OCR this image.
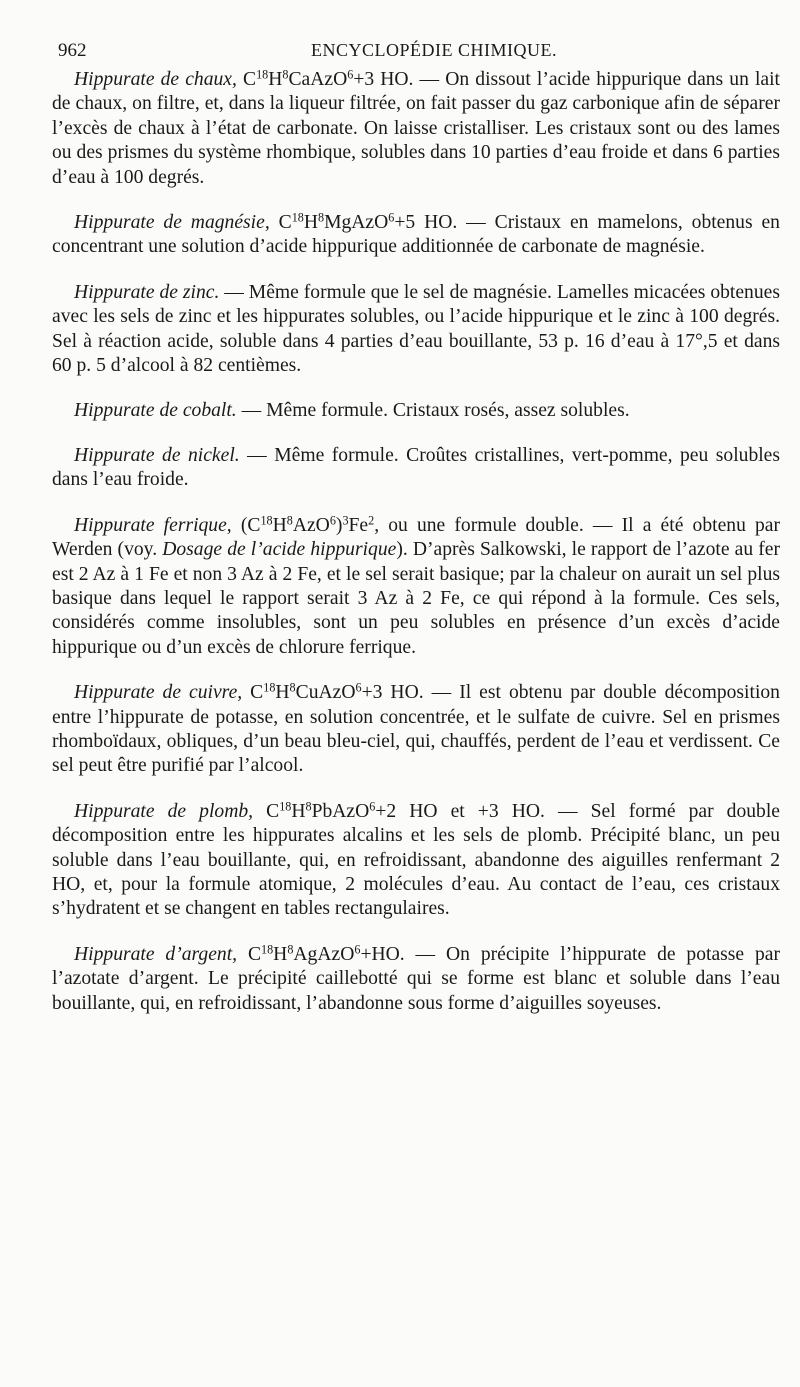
962	ENCYCLOPÉDIE CHIMIQUE.

Hippurate de chaux, $C^{18}H^8CaAzO^6+3$ HO. — On dissout l’acide hippurique dans un lait de chaux, on filtre, et, dans la liqueur filtrée, on fait passer du gaz carbonique afin de séparer l’excès de chaux à l’état de carbonate. On laisse cristalliser. Les cristaux sont ou des lames ou des prismes du système rhombique, solubles dans 10 parties d’eau froide et dans 6 parties d’eau à 100 degrés.

Hippurate de magnésie, $C^{18}H^8MgAzO^6+5$ HO. — Cristaux en mamelons, obtenus en concentrant une solution d’acide hippurique additionnée de carbonate de magnésie.

Hippurate de zinc. — Même formule que le sel de magnésie. Lamelles micacées obtenues avec les sels de zinc et les hippurates solubles, ou l’acide hippurique et le zinc à 100 degrés. Sel à réaction acide, soluble dans 4 parties d’eau bouillante, 53 p. 16 d’eau à 17°,5 et dans 60 p. 5 d’alcool à 82 centièmes.

Hippurate de cobalt. — Même formule. Cristaux rosés, assez solubles.

Hippurate de nickel. — Même formule. Croûtes cristallines, vert-pomme, peu solubles dans l’eau froide.

Hippurate ferrique, $(C^{18}H^8AzO^6)^3Fe^2$, ou une formule double. — Il a été obtenu par Werden (voy. Dosage de l’acide hippurique). D’après Salkowski, le rapport de l’azote au fer est 2 Az à 1 Fe et non 3 Az à 2 Fe, et le sel serait basique; par la chaleur on aurait un sel plus basique dans lequel le rapport serait 3 Az à 2 Fe, ce qui répond à la formule. Ces sels, considérés comme insolubles, sont un peu solubles en présence d’un excès d’acide hippurique ou d’un excès de chlorure ferrique.

Hippurate de cuivre, $C^{18}H^8CuAzO^6+3$ HO. — Il est obtenu par double décomposition entre l’hippurate de potasse, en solution concentrée, et le sulfate de cuivre. Sel en prismes rhomboïdaux, obliques, d’un beau bleu-ciel, qui, chauffés, perdent de l’eau et verdissent. Ce sel peut être purifié par l’alcool.

Hippurate de plomb, $C^{18}H^8PbAzO^6+2$ HO et +3 HO. — Sel formé par double décomposition entre les hippurates alcalins et les sels de plomb. Précipité blanc, un peu soluble dans l’eau bouillante, qui, en refroidissant, abandonne des aiguilles renfermant 2 HO, et, pour la formule atomique, 2 molécules d’eau. Au contact de l’eau, ces cristaux s’hydratent et se changent en tables rectangulaires.

Hippurate d’argent, $C^{18}H^8AgAzO^6+HO$. — On précipite l’hippurate de potasse par l’azotate d’argent. Le précipité caillebotté qui se forme est blanc et soluble dans l’eau bouillante, qui, en refroidissant, l’abandonne sous forme d’aiguilles soyeuses.
